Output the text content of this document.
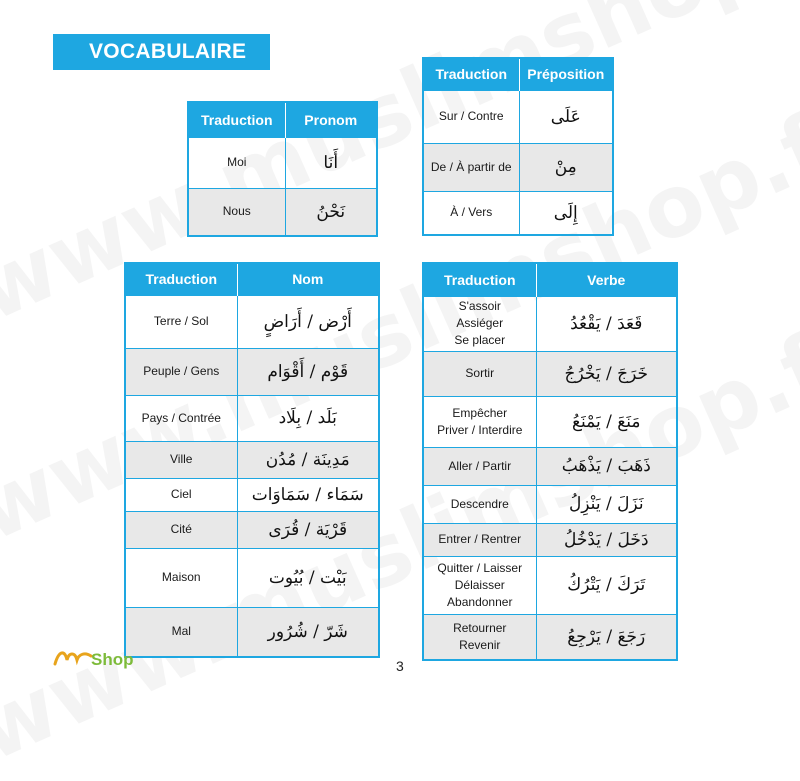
VOCABULAIRE
Traduction	Pronom
Moi	أَنَا
Nous	نَحْنُ
Traduction	Préposition
Sur / Contre	عَلَى
De / À partir de	مِنْ
À / Vers	إِلَى
Traduction	Nom
Terre / Sol	أَرْض / أَرَاضٍ
Peuple / Gens	قَوْم / أَقْوَام
Pays / Contrée	بَلَد / بِلَاد
Ville	مَدِينَة / مُدُن
Ciel	سَمَاء / سَمَاوَات
Cité	قَرْيَة / قُرَى
Maison	بَيْت / بُيُوت
Mal	شَرّ / شُرُور
Traduction	Verbe
S'assoir
Assiéger
Se placer	قَعَدَ / يَقْعُدُ
Sortir	خَرَجَ / يَخْرُجُ
Empêcher
Priver / Interdire	مَنَعَ / يَمْنَعُ
Aller / Partir	ذَهَبَ / يَذْهَبُ
Descendre	نَزَلَ / يَنْزِلُ
Entrer / Rentrer	دَخَلَ / يَدْخُلُ
Quitter / Laisser
Délaisser
Abandonner	تَرَكَ / يَتْرُكُ
Retourner
Revenir	رَجَعَ / يَرْجِعُ
Shop	3
